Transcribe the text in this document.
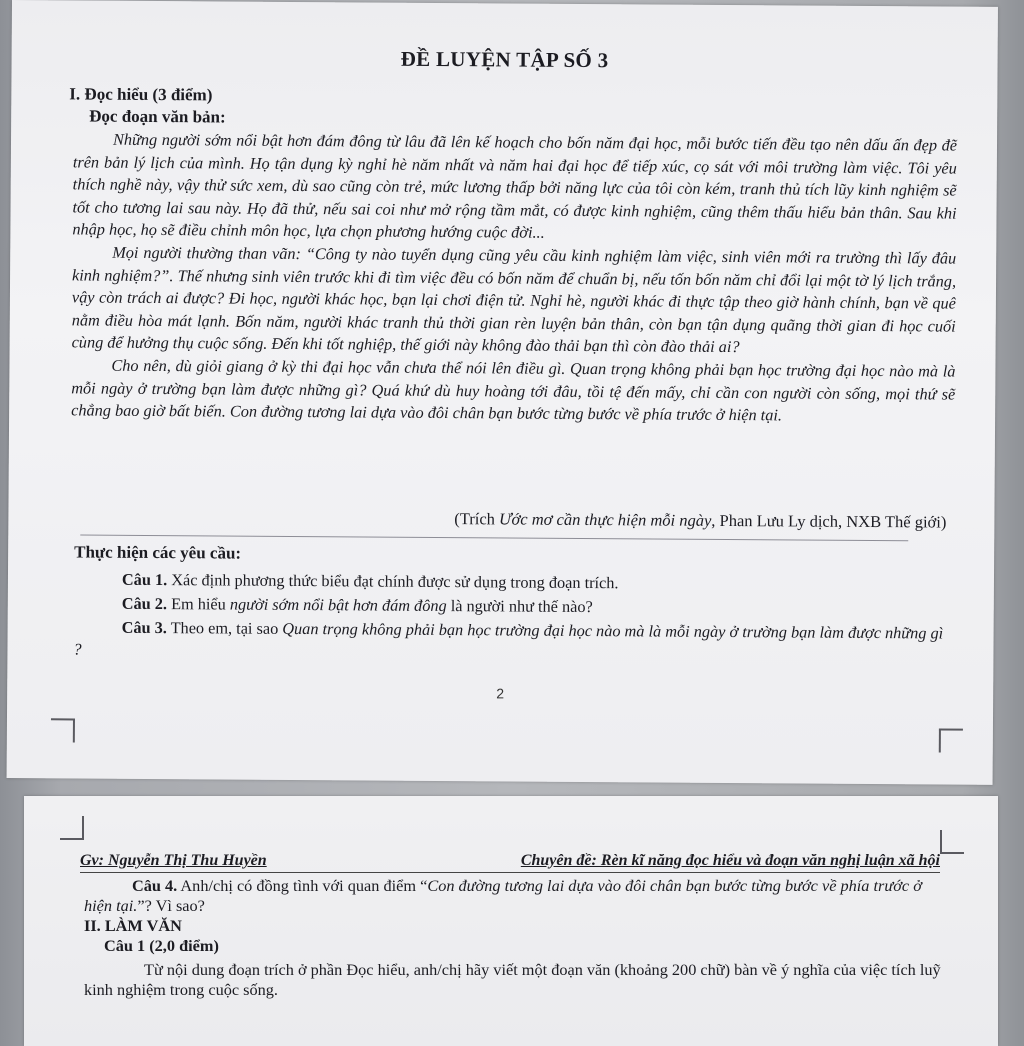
ĐỀ LUYỆN TẬP SỐ 3
I. Đọc hiểu (3 điểm)
Đọc đoạn văn bản:

Những người sớm nổi bật hơn đám đông từ lâu đã lên kế hoạch cho bốn năm đại học, mỗi bước tiến đều tạo nên dấu ấn đẹp đẽ trên bản lý lịch của mình. Họ tận dụng kỳ nghỉ hè năm nhất và năm hai đại học để tiếp xúc, cọ sát với môi trường làm việc. Tôi yêu thích nghề này, vậy thử sức xem, dù sao cũng còn trẻ, mức lương thấp bởi năng lực của tôi còn kém, tranh thủ tích lũy kinh nghiệm sẽ tốt cho tương lai sau này. Họ đã thử, nếu sai coi như mở rộng tầm mắt, có được kinh nghiệm, cũng thêm thấu hiểu bản thân. Sau khi nhập học, họ sẽ điều chỉnh môn học, lựa chọn phương hướng cuộc đời...

Mọi người thường than vãn: “Công ty nào tuyển dụng cũng yêu cầu kinh nghiệm làm việc, sinh viên mới ra trường thì lấy đâu kinh nghiệm?”. Thế nhưng sinh viên trước khi đi tìm việc đều có bốn năm để chuẩn bị, nếu tốn bốn năm chỉ đổi lại một tờ lý lịch trắng, vậy còn trách ai được? Đi học, người khác học, bạn lại chơi điện tử. Nghỉ hè, người khác đi thực tập theo giờ hành chính, bạn về quê nằm điều hòa mát lạnh. Bốn năm, người khác tranh thủ thời gian rèn luyện bản thân, còn bạn tận dụng quãng thời gian đi học cuối cùng để hưởng thụ cuộc sống. Đến khi tốt nghiệp, thế giới này không đào thải bạn thì còn đào thải ai?

Cho nên, dù giỏi giang ở kỳ thi đại học vẫn chưa thể nói lên điều gì. Quan trọng không phải bạn học trường đại học nào mà là mỗi ngày ở trường bạn làm được những gì? Quá khứ dù huy hoàng tới đâu, tồi tệ đến mấy, chỉ cần con người còn sống, mọi thứ sẽ chẳng bao giờ bất biến. Con đường tương lai dựa vào đôi chân bạn bước từng bước về phía trước ở hiện tại.

(Trích Ước mơ cần thực hiện mỗi ngày, Phan Lưu Ly dịch, NXB Thế giới)
Thực hiện các yêu cầu:
Câu 1. Xác định phương thức biểu đạt chính được sử dụng trong đoạn trích.
Câu 2. Em hiểu người sớm nổi bật hơn đám đông là người như thế nào?
Câu 3. Theo em, tại sao Quan trọng không phải bạn học trường đại học nào mà là mỗi ngày ở trường bạn làm được những gì ?
2
Gv: Nguyễn Thị Thu Huyền	Chuyên đề: Rèn kĩ năng đọc hiểu và đoạn văn nghị luận xã hội
Câu 4. Anh/chị có đồng tình với quan điểm “Con đường tương lai dựa vào đôi chân bạn bước từng bước về phía trước ở hiện tại.”? Vì sao?
II. LÀM VĂN
Câu 1 (2,0 điểm)
Từ nội dung đoạn trích ở phần Đọc hiểu, anh/chị hãy viết một đoạn văn (khoảng 200 chữ) bàn về ý nghĩa của việc tích luỹ kinh nghiệm trong cuộc sống.
